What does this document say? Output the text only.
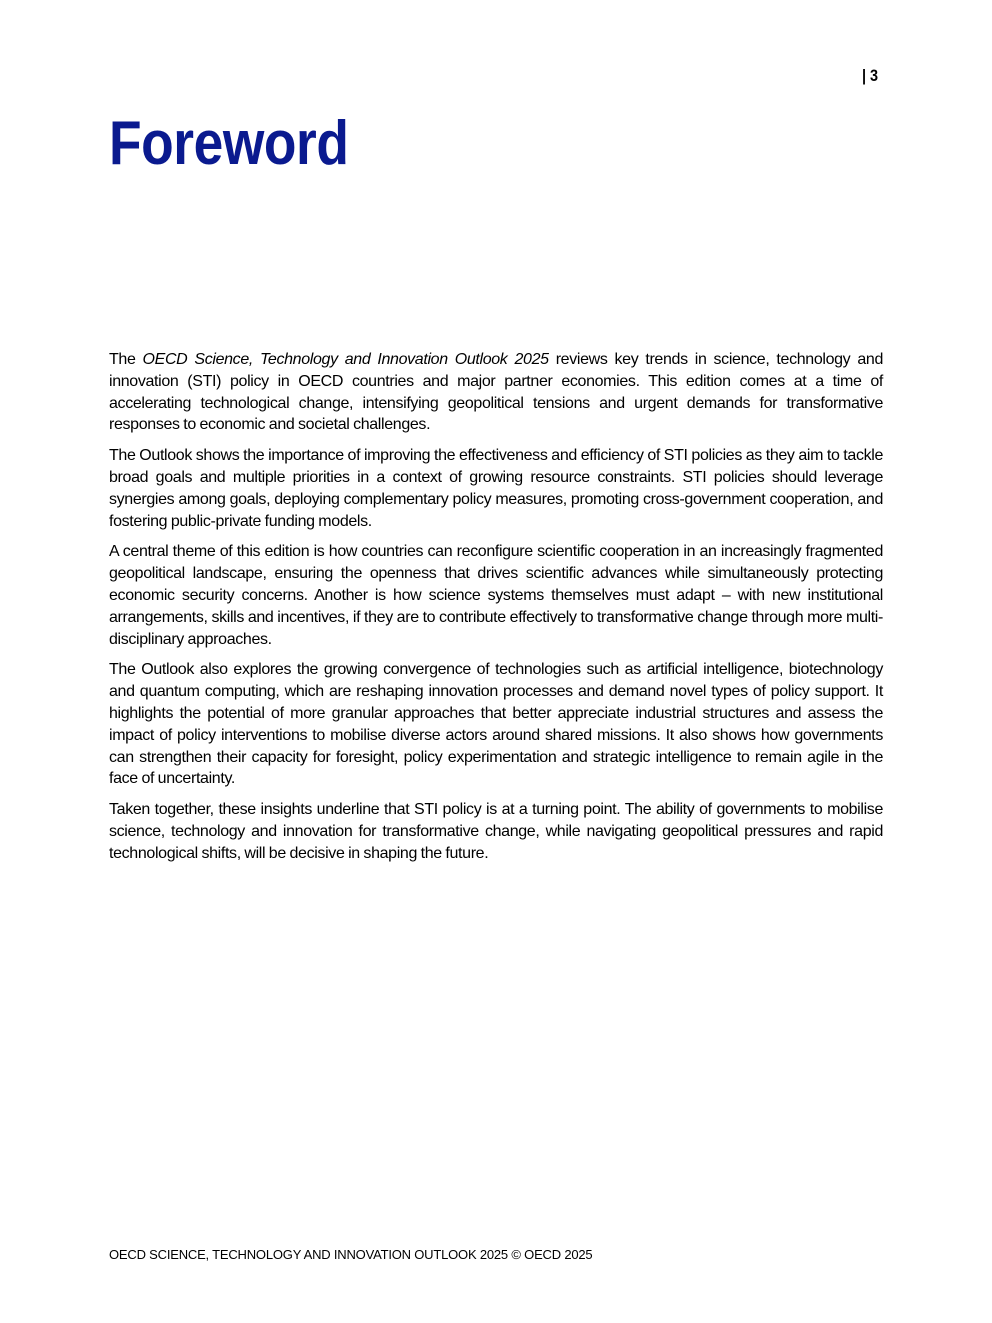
| 3
Foreword

The OECD Science, Technology and Innovation Outlook 2025 reviews key trends in science, technology and innovation (STI) policy in OECD countries and major partner economies. This edition comes at a time of accelerating technological change, intensifying geopolitical tensions and urgent demands for transformative responses to economic and societal challenges.

The Outlook shows the importance of improving the effectiveness and efficiency of STI policies as they aim to tackle broad goals and multiple priorities in a context of growing resource constraints. STI policies should leverage synergies among goals, deploying complementary policy measures, promoting cross-government cooperation, and fostering public-private funding models.

A central theme of this edition is how countries can reconfigure scientific cooperation in an increasingly fragmented geopolitical landscape, ensuring the openness that drives scientific advances while simultaneously protecting economic security concerns. Another is how science systems themselves must adapt – with new institutional arrangements, skills and incentives, if they are to contribute effectively to transformative change through more multi-disciplinary approaches.

The Outlook also explores the growing convergence of technologies such as artificial intelligence, biotechnology and quantum computing, which are reshaping innovation processes and demand novel types of policy support. It highlights the potential of more granular approaches that better appreciate industrial structures and assess the impact of policy interventions to mobilise diverse actors around shared missions. It also shows how governments can strengthen their capacity for foresight, policy experimentation and strategic intelligence to remain agile in the face of uncertainty.

Taken together, these insights underline that STI policy is at a turning point. The ability of governments to mobilise science, technology and innovation for transformative change, while navigating geopolitical pressures and rapid technological shifts, will be decisive in shaping the future.

OECD SCIENCE, TECHNOLOGY AND INNOVATION OUTLOOK 2025 © OECD 2025
